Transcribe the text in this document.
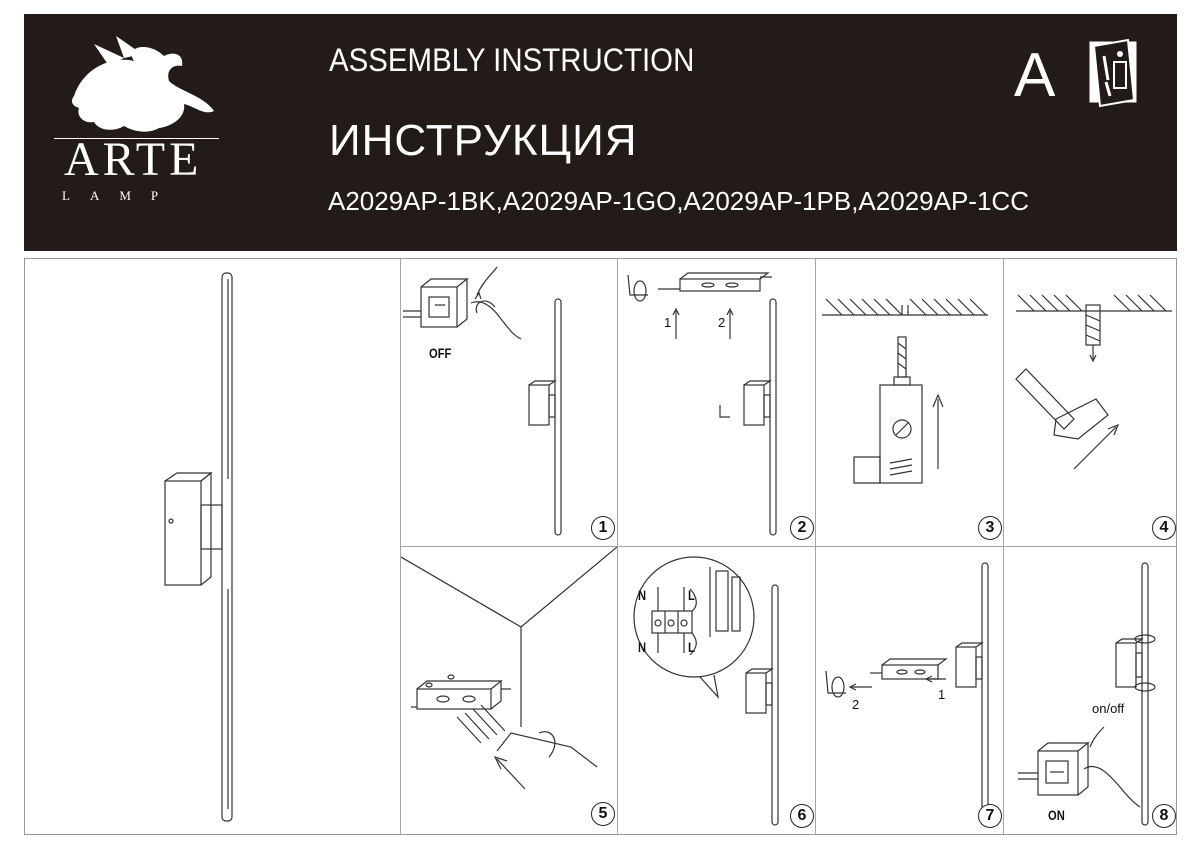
ARTE
LAMP
ASSEMBLY INSTRUCTION
ИНСТРУКЦИЯ
A2029AP-1BK,A2029AP-1GO,A2029AP-1PB,A2029AP-1CC
A
OFF
1
1	2
2	3	4
5
N	L
N	L
6
2
1
7
on/off
ON	8
